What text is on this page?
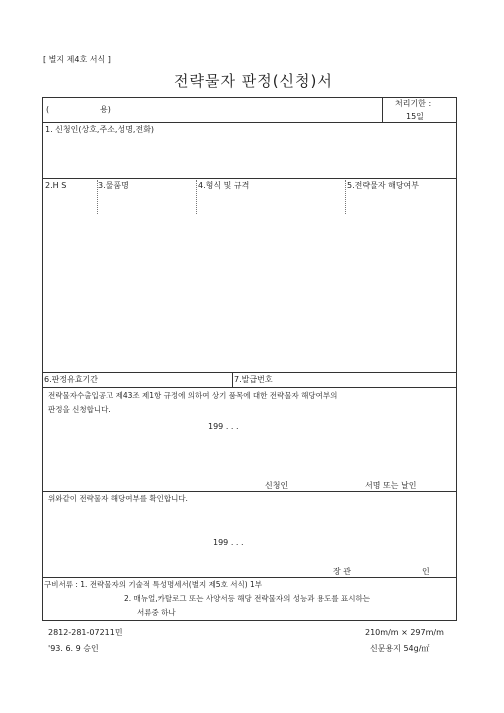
[ 별지 제4호 서식 ]
전략물자 판정(신청)서
(	용)
처리기한 :
15일
1. 신청인(상호,주소,성명,전화)
2.H S	3.물품명	4.형식 및 규격	5.전략물자 해당여부
6.판정유효기간	7.발급번호
전략물자수출입공고 제43조 제1항 규정에 의하여 상기 품목에 대한 전략물자 해당여부의
판정을 신청합니다.
199 . . .
신청인	서명 또는 날인
위와같이 전략물자 해당여부를 확인합니다.
199 . . .
장 관	인
구비서류 : 1. 전략물자의 기술적 특성명세서(별지 제5호 서식) 1부
2. 매뉴얼,카탈로그 또는 사양서등 해당 전략물자의 성능과 용도를 표시하는
서류중 하나
2812-281-07211민
'93. 6. 9 승인
210m/m × 297m/m
신문용지 54g/㎡
